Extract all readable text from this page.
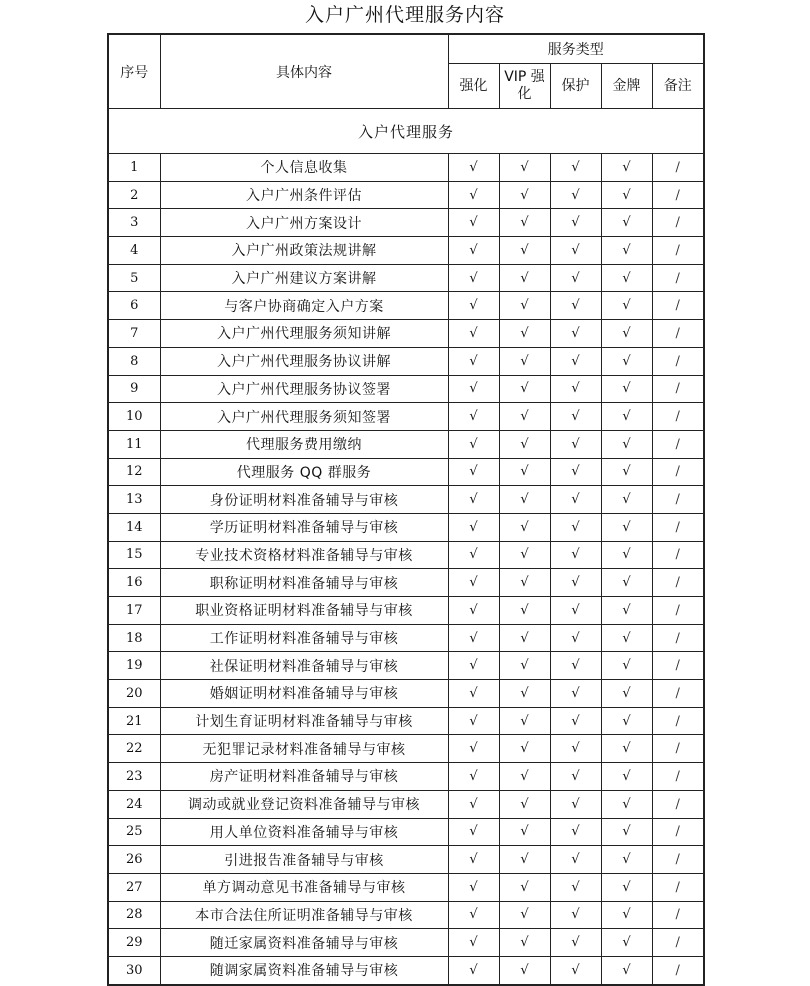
入户广州代理服务内容
序号	具体内容	服务类型				
		强化	VIP 强化	保护	金牌	备注
入户代理服务						
1	个人信息收集	√	√	√	√	/
2	入户广州条件评估	√	√	√	√	/
3	入户广州方案设计	√	√	√	√	/
4	入户广州政策法规讲解	√	√	√	√	/
5	入户广州建议方案讲解	√	√	√	√	/
6	与客户协商确定入户方案	√	√	√	√	/
7	入户广州代理服务须知讲解	√	√	√	√	/
8	入户广州代理服务协议讲解	√	√	√	√	/
9	入户广州代理服务协议签署	√	√	√	√	/
10	入户广州代理服务须知签署	√	√	√	√	/
11	代理服务费用缴纳	√	√	√	√	/
12	代理服务 QQ 群服务	√	√	√	√	/
13	身份证明材料准备辅导与审核	√	√	√	√	/
14	学历证明材料准备辅导与审核	√	√	√	√	/
15	专业技术资格材料准备辅导与审核	√	√	√	√	/
16	职称证明材料准备辅导与审核	√	√	√	√	/
17	职业资格证明材料准备辅导与审核	√	√	√	√	/
18	工作证明材料准备辅导与审核	√	√	√	√	/
19	社保证明材料准备辅导与审核	√	√	√	√	/
20	婚姻证明材料准备辅导与审核	√	√	√	√	/
21	计划生育证明材料准备辅导与审核	√	√	√	√	/
22	无犯罪记录材料准备辅导与审核	√	√	√	√	/
23	房产证明材料准备辅导与审核	√	√	√	√	/
24	调动或就业登记资料准备辅导与审核	√	√	√	√	/
25	用人单位资料准备辅导与审核	√	√	√	√	/
26	引进报告准备辅导与审核	√	√	√	√	/
27	单方调动意见书准备辅导与审核	√	√	√	√	/
28	本市合法住所证明准备辅导与审核	√	√	√	√	/
29	随迁家属资料准备辅导与审核	√	√	√	√	/
30	随调家属资料准备辅导与审核	√	√	√	√	/
